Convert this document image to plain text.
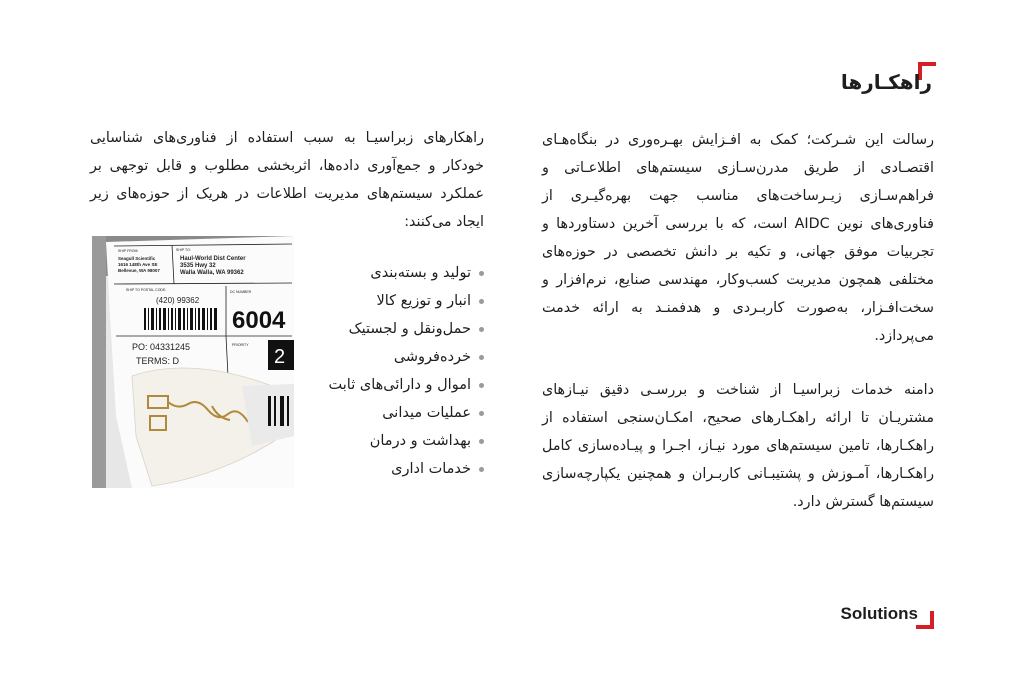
راهکـارها

رسالت این شـرکت؛ کمک به افـزایش بهـره‌وری در بنگاه‌هـای اقتصـادی از طریق مدرن‌سـازی سیستم‌های اطلاعـاتی و فراهم‌سـازی زیـرساخت‌های مناسب جهت بهره‌گیـری از فناوری‌های نوین AIDC است، که با بررسی آخرین دستاوردها و تجربیات موفق جهانی، و تکیه بر دانش تخصصی در حوزه‌های مختلفی همچون مدیریت کسب‌وکار، مهندسی صنایع، نرم‌افزار و سخت‌افـزار، به‌صورت کاربـردی و هدفمنـد به ارائه خدمت می‌پردازد.

دامنه خدمات زبراسیـا از شناخت و بررسـی دقیق نیـازهای مشتریـان تا ارائه راهکـارهای صحیح، امکـان‌سنجی استفاده از راهکـارها، تامین سیستم‌های مورد نیـاز، اجـرا و پیـاده‌سازی کامل راهکـارها، آمـوزش و پشتیبـانی کاربـران و همچنین یکپارچه‌سازی سیستم‌ها گسترش دارد.

راهکارهای زبراسیـا به سبب استفاده از فناوری‌های شناسایی خودکار و جمع‌آوری داده‌ها، اثربخشی مطلوب و قابل توجهی بر عملکرد سیستم‌های مدیریت اطلاعات در هریک از حوزه‌های زیر ایجاد می‌کنند:
SHIP FROM:	SHIP TO:
Seagull Scientific
1616 148th Ave SE
Bellevue, WA 98007
Haul-World Dist Center
3535 Hwy 32
Walla Walla, WA 99362
SHIP TO POSTAL CODE:
(420) 99362
DC NUMBER
6004
PO: 04331245
TERMS: D
PRIORITY
2
تولید و بسته‌بندی
انبار و توزیع کالا
حمل‌ونقل و لجستیک
خرده‌فروشی
اموال و دارائی‌های ثابت
عملیات میدانی
بهداشت و درمان
خدمات اداری
Solutions
